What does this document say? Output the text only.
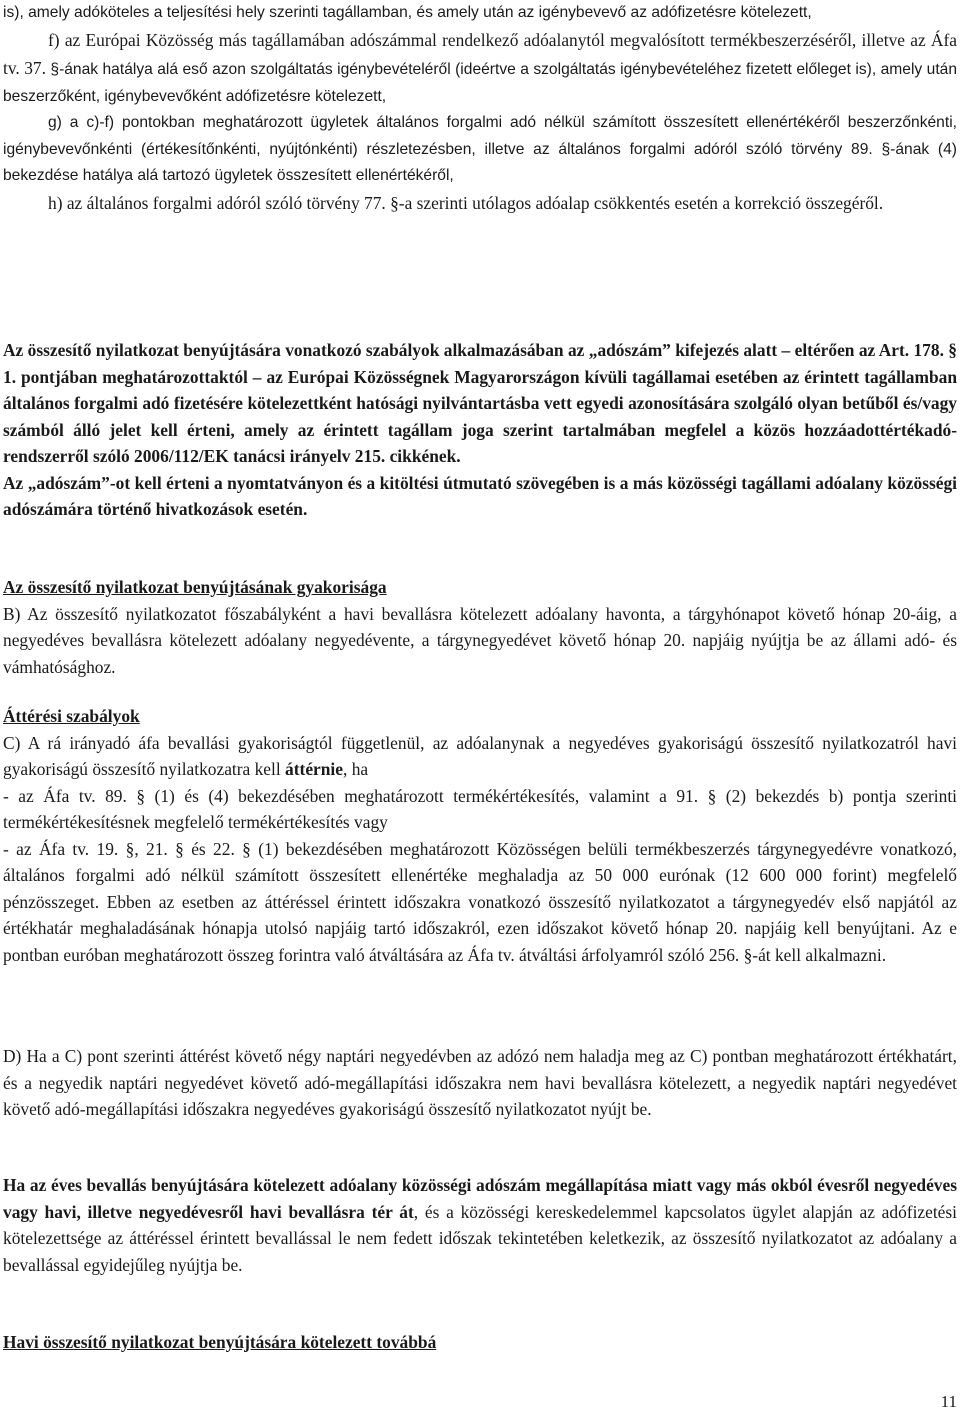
is), amely adóköteles a teljesítési hely szerinti tagállamban, és amely után az igénybevevő az adófizetésre kötelezett,

f) az Európai Közösség más tagállamában adószámmal rendelkező adóalanytól megvalósított termékbeszerzéséről, illetve az Áfa tv. 37. §-ának hatálya alá eső azon szolgáltatás igénybevételéről (ideértve a szolgáltatás igénybevételéhez fizetett előleget is), amely után beszerzőként, igénybevevőként adófizetésre kötelezett,

g) a c)-f) pontokban meghatározott ügyletek általános forgalmi adó nélkül számított összesített ellenértékéről beszerzőnkénti, igénybevevőnkénti (értékesítőnkénti, nyújtónkénti) részletezésben, illetve az általános forgalmi adóról szóló törvény 89. §-ának (4) bekezdése hatálya alá tartozó ügyletek összesített ellenértékéről,

h) az általános forgalmi adóról szóló törvény 77. §-a szerinti utólagos adóalap csökkentés esetén a korrekció összegéről.

Az összesítő nyilatkozat benyújtására vonatkozó szabályok alkalmazásában az „adószám” kifejezés alatt – eltérően az Art. 178. § 1. pontjában meghatározottaktól – az Európai Közösségnek Magyarországon kívüli tagállamai esetében az érintett tagállamban általános forgalmi adó fizetésére kötelezettként hatósági nyilvántartásba vett egyedi azonosítására szolgáló olyan betűből és/vagy számból álló jelet kell érteni, amely az érintett tagállam joga szerint tartalmában megfelel a közös hozzáadottértékadó-rendszerről szóló 2006/112/EK tanácsi irányelv 215. cikkének.

Az „adószám”-ot kell érteni a nyomtatványon és a kitöltési útmutató szövegében is a más közösségi tagállami adóalany közösségi adószámára történő hivatkozások esetén.

Az összesítő nyilatkozat benyújtásának gyakorisága

B) Az összesítő nyilatkozatot főszabályként a havi bevallásra kötelezett adóalany havonta, a tárgyhónapot követő hónap 20-áig, a negyedéves bevallásra kötelezett adóalany negyedévente, a tárgynegyedévet követő hónap 20. napjáig nyújtja be az állami adó- és vámhatósághoz.

Áttérési szabályok

C) A rá irányadó áfa bevallási gyakoriságtól függetlenül, az adóalanynak a negyedéves gyakoriságú összesítő nyilatkozatról havi gyakoriságú összesítő nyilatkozatra kell áttérnie, ha

- az Áfa tv. 89. § (1) és (4) bekezdésében meghatározott termékértékesítés, valamint a 91. § (2) bekezdés b) pontja szerinti termékértékesítésnek megfelelő termékértékesítés vagy

- az Áfa tv. 19. §, 21. § és 22. § (1) bekezdésében meghatározott Közösségen belüli termékbeszerzés tárgynegyedévre vonatkozó, általános forgalmi adó nélkül számított összesített ellenértéke meghaladja az 50 000 eurónak (12 600 000 forint) megfelelő pénzösszeget. Ebben az esetben az áttéréssel érintett időszakra vonatkozó összesítő nyilatkozatot a tárgynegyedév első napjától az értékhatár meghaladásának hónapja utolsó napjáig tartó időszakról, ezen időszakot követő hónap 20. napjáig kell benyújtani. Az e pontban euróban meghatározott összeg forintra való átváltására az Áfa tv. átváltási árfolyamról szóló 256. §-át kell alkalmazni.

D) Ha a C) pont szerinti áttérést követő négy naptári negyedévben az adózó nem haladja meg az C) pontban meghatározott értékhatárt, és a negyedik naptári negyedévet követő adó-megállapítási időszakra nem havi bevallásra kötelezett, a negyedik naptári negyedévet követő adó-megállapítási időszakra negyedéves gyakoriságú összesítő nyilatkozatot nyújt be.

Ha az éves bevallás benyújtására kötelezett adóalany közösségi adószám megállapítása miatt vagy más okból évesről negyedéves vagy havi, illetve negyedévesről havi bevallásra tér át, és a közösségi kereskedelemmel kapcsolatos ügylet alapján az adófizetési kötelezettsége az áttéréssel érintett bevallással le nem fedett időszak tekintetében keletkezik, az összesítő nyilatkozatot az adóalany a bevallással egyidejűleg nyújtja be.

Havi összesítő nyilatkozat benyújtására kötelezett továbbá

11
